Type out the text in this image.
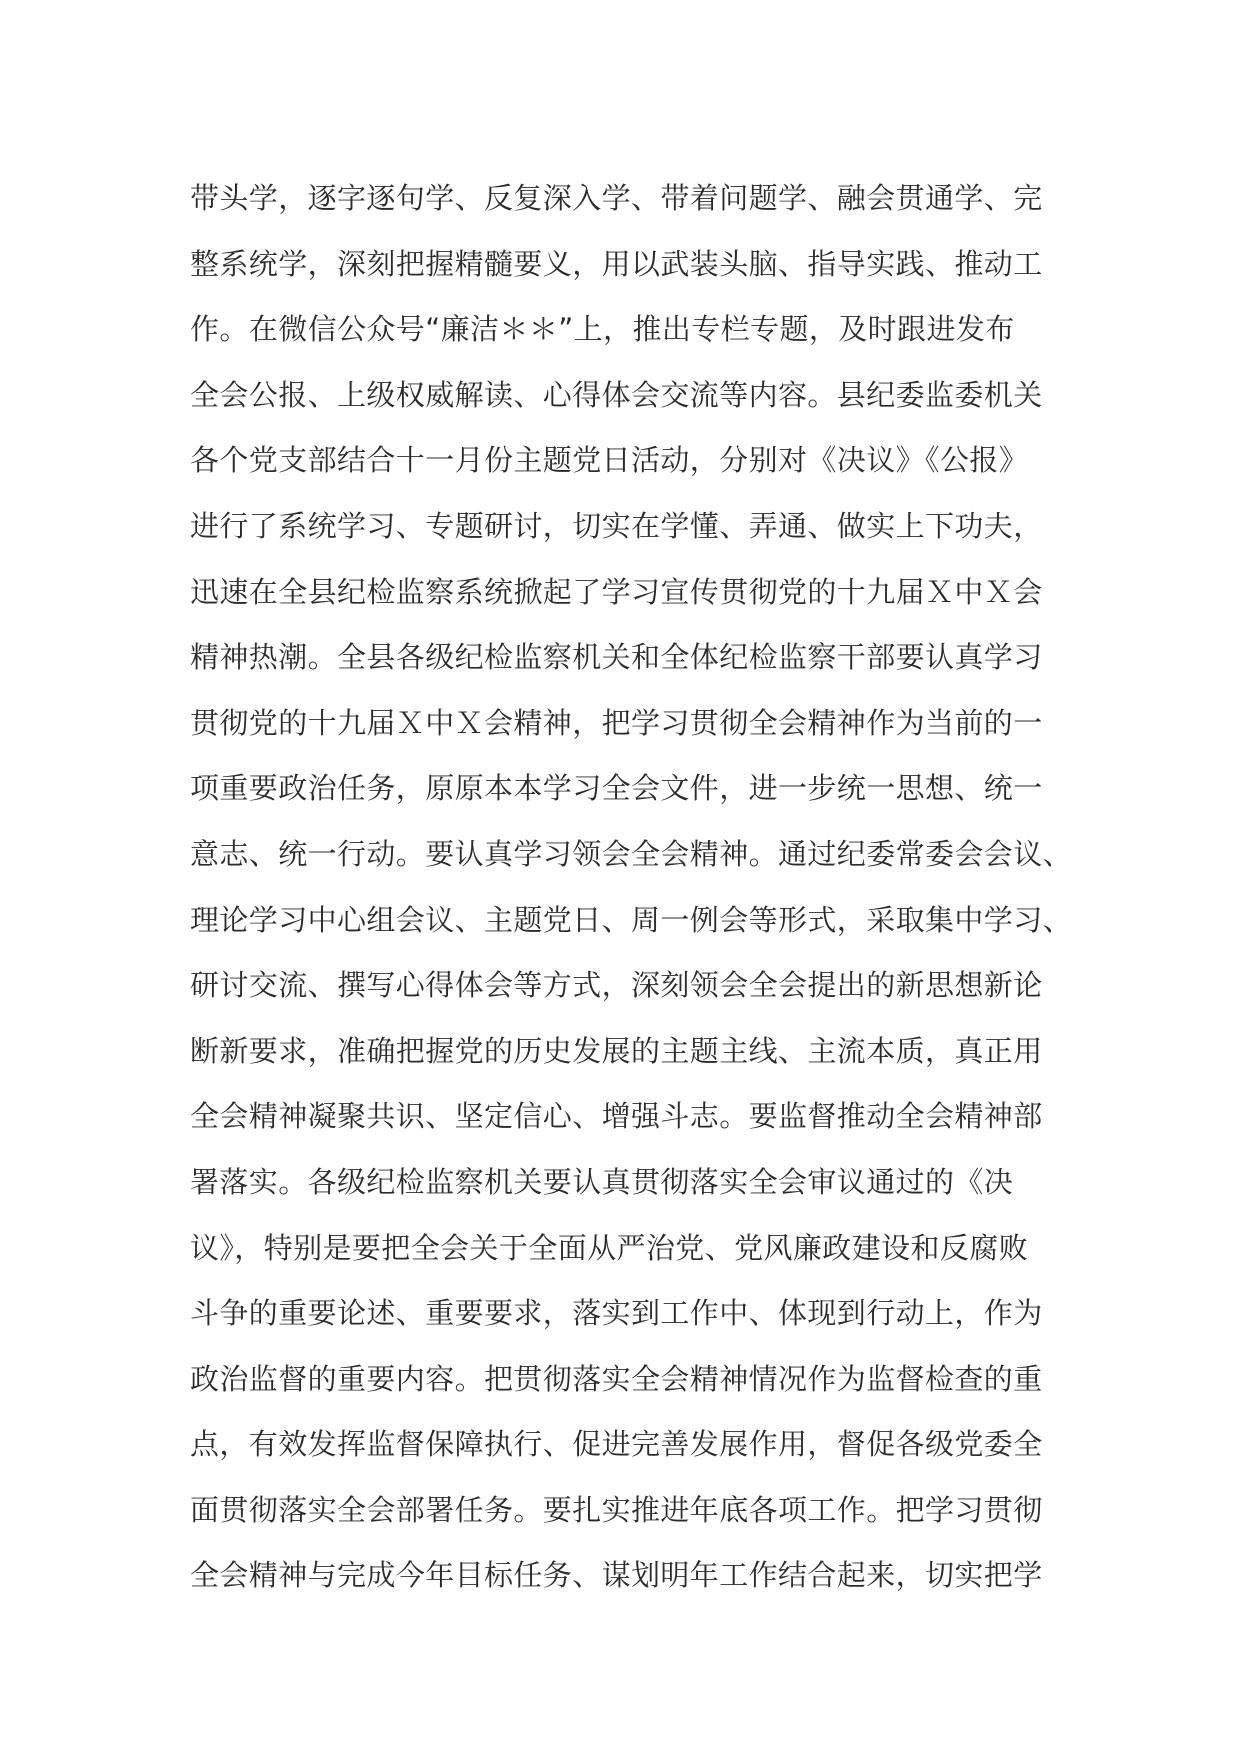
带头学，逐字逐句学、反复深入学、带着问题学、融会贯通学、完
整系统学，深刻把握精髓要义，用以武装头脑、指导实践、推动工
作。在微信公众号“廉洁＊＊”上，推出专栏专题，及时跟进发布
全会公报、上级权威解读、心得体会交流等内容。县纪委监委机关
各个党支部结合十一月份主题党日活动，分别对《决议》《公报》
进行了系统学习、专题研讨，切实在学懂、弄通、做实上下功夫，
迅速在全县纪检监察系统掀起了学习宣传贯彻党的十九届Ｘ中Ｘ会
精神热潮。全县各级纪检监察机关和全体纪检监察干部要认真学习
贯彻党的十九届Ｘ中Ｘ会精神，把学习贯彻全会精神作为当前的一
项重要政治任务，原原本本学习全会文件，进一步统一思想、统一
意志、统一行动。要认真学习领会全会精神。通过纪委常委会会议、
理论学习中心组会议、主题党日、周一例会等形式，采取集中学习、
研讨交流、撰写心得体会等方式，深刻领会全会提出的新思想新论
断新要求，准确把握党的历史发展的主题主线、主流本质，真正用
全会精神凝聚共识、坚定信心、增强斗志。要监督推动全会精神部
署落实。各级纪检监察机关要认真贯彻落实全会审议通过的《决
议》，特别是要把全会关于全面从严治党、党风廉政建设和反腐败
斗争的重要论述、重要要求，落实到工作中、体现到行动上，作为
政治监督的重要内容。把贯彻落实全会精神情况作为监督检查的重
点，有效发挥监督保障执行、促进完善发展作用，督促各级党委全
面贯彻落实全会部署任务。要扎实推进年底各项工作。把学习贯彻
全会精神与完成今年目标任务、谋划明年工作结合起来，切实把学
